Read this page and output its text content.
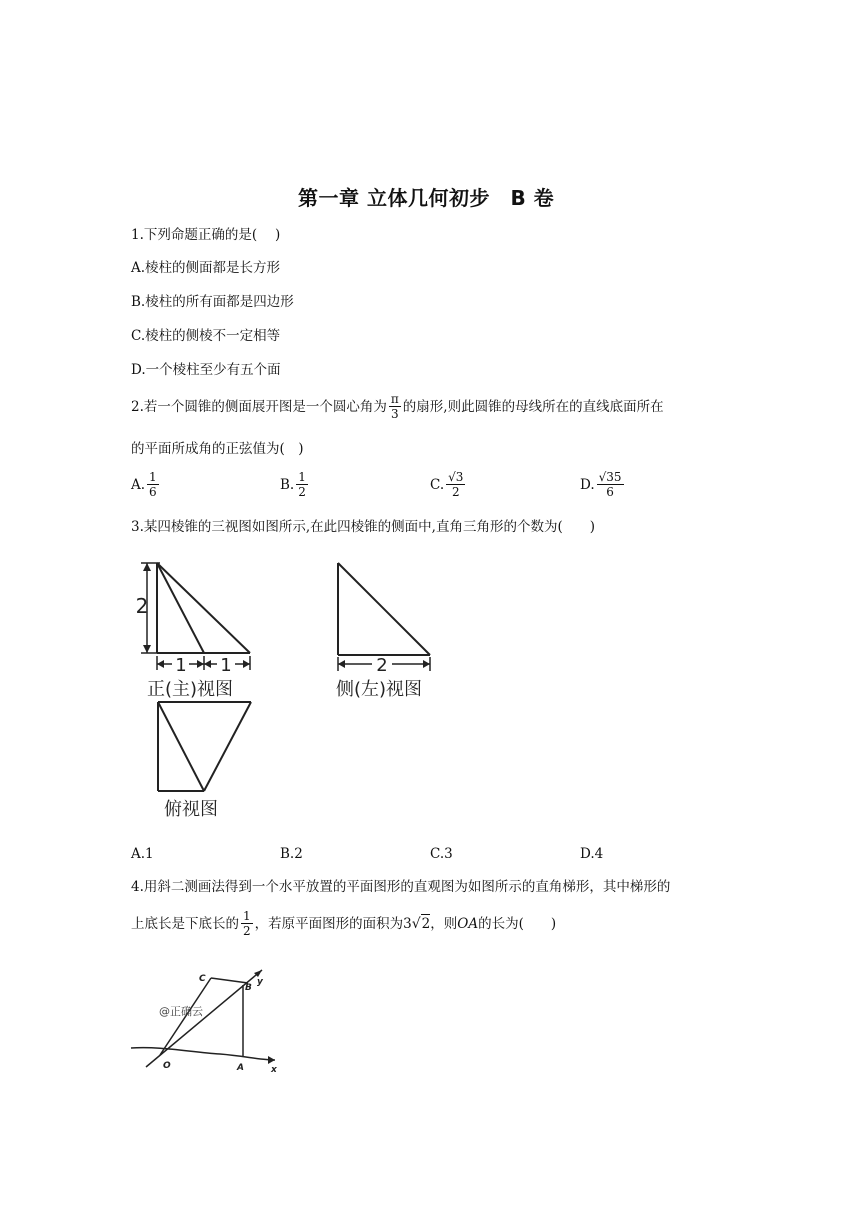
第一章 立体几何初步　B 卷
1.下列命题正确的是(　 )
A.棱柱的侧面都是长方形
B.棱柱的所有面都是四边形
C.棱柱的侧棱不一定相等
D.一个棱柱至少有五个面
2.若一个圆锥的侧面展开图是一个圆心角为 $\frac{\pi}{3}$ 的扇形,则此圆锥的母线所在的直线底面所在
的平面所成角的正弦值为(　)
A. $\frac{1}{6}$	B. $\frac{1}{2}$	C. $\frac{√3}{2}$	D. $\frac{√35}{6}$
3.某四棱锥的三视图如图所示,在此四棱锥的侧面中,直角三角形的个数为(　　)
2
1 1	2
正(主)视图	侧(左)视图
俯视图
A.1	B.2	C.3	D.4
4.用斜二测画法得到一个水平放置的平面图形的直观图为如图所示的直角梯形，其中梯形的
上底长是下底长的 $\frac{1}{2}$ ，若原平面图形的面积为 3 √ 2 ，则 OA 的长为(　　)
C
B
O	A
y
x
@正确云
